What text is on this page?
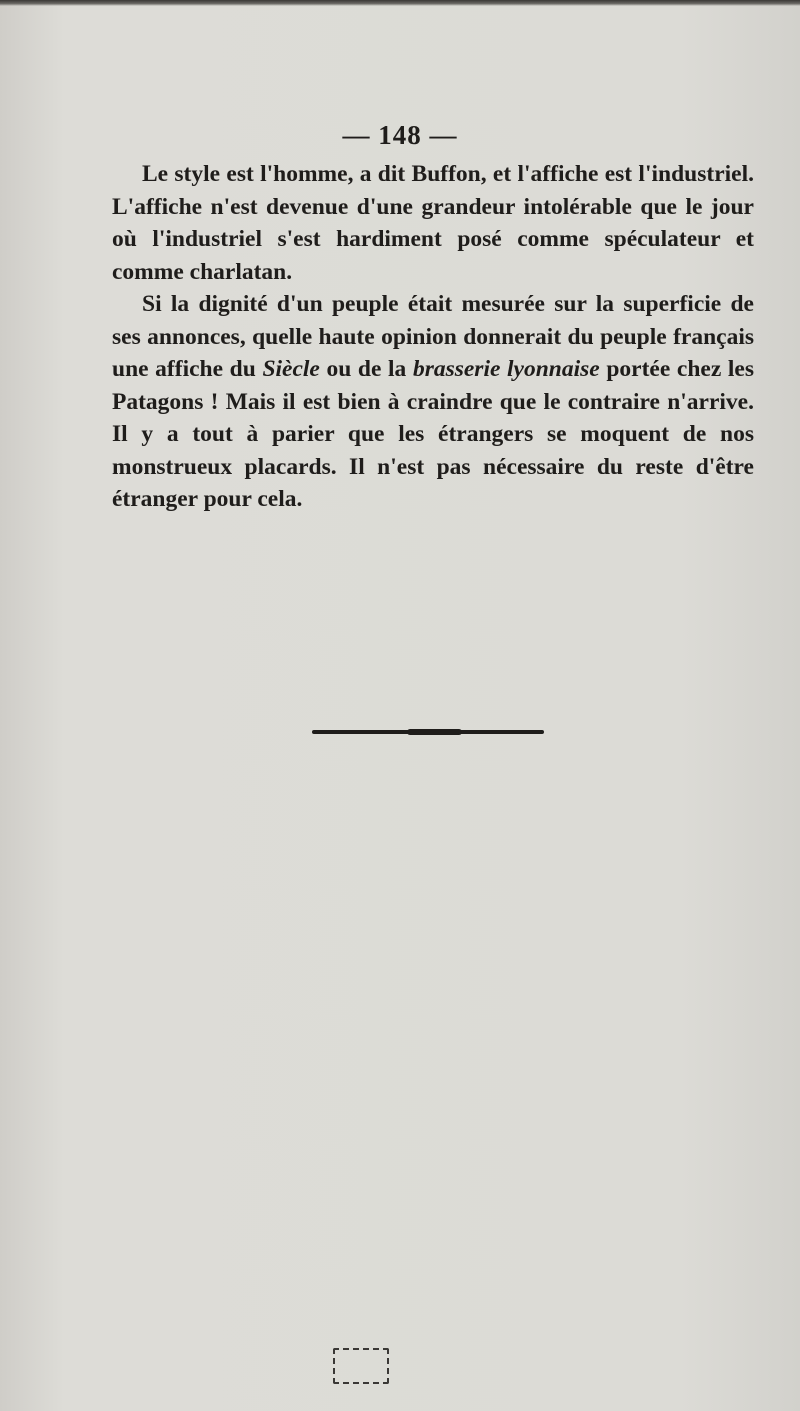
— 148 —

Le style est l'homme, a dit Buffon, et l'affiche est l'industriel. L'affiche n'est devenue d'une grandeur intolérable que le jour où l'industriel s'est hardiment posé comme spéculateur et comme charlatan.

Si la dignité d'un peuple était mesurée sur la superficie de ses annonces, quelle haute opinion donnerait du peuple français une affiche du Siècle ou de la brasserie lyonnaise portée chez les Patagons ! Mais il est bien à craindre que le contraire n'arrive. Il y a tout à parier que les étrangers se moquent de nos monstrueux placards. Il n'est pas nécessaire du reste d'être étranger pour cela.
